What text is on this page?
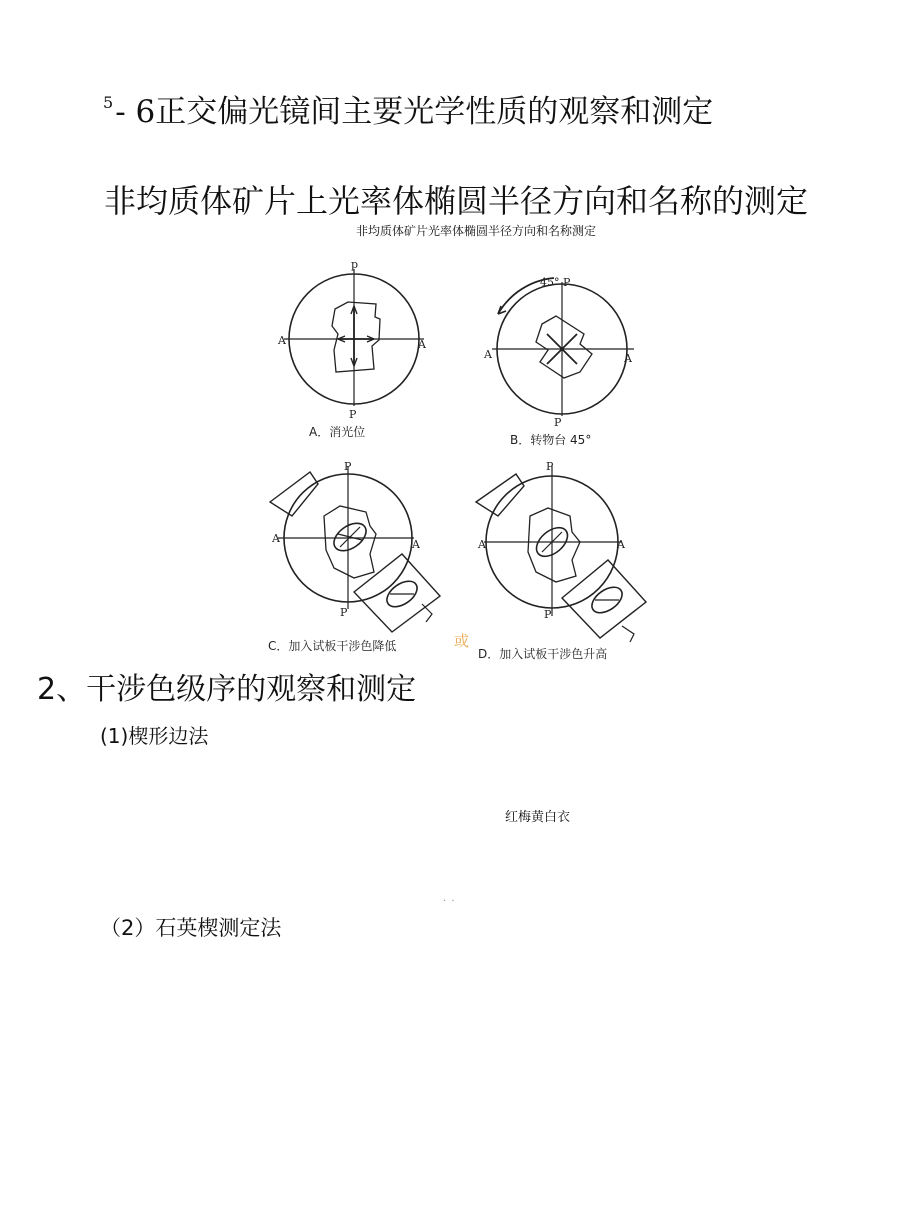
$^5$- 6正交偏光镜间主要光学性质的观察和测定
非均质体矿片上光率体椭圆半径方向和名称的测定
非均质体矿片光率体椭圆半径方向和名称测定
p
P
A	A
A．消光位
45° P
P
A	A
B．转物台 45°
P
P
A	A
C．加入试板干涉色降低	或
P
P
A	A
D．加入试板干涉色升高
2、干涉色级序的观察和测定
(1)楔形边法
红梅黄白衣
· ·
（2）石英楔测定法
